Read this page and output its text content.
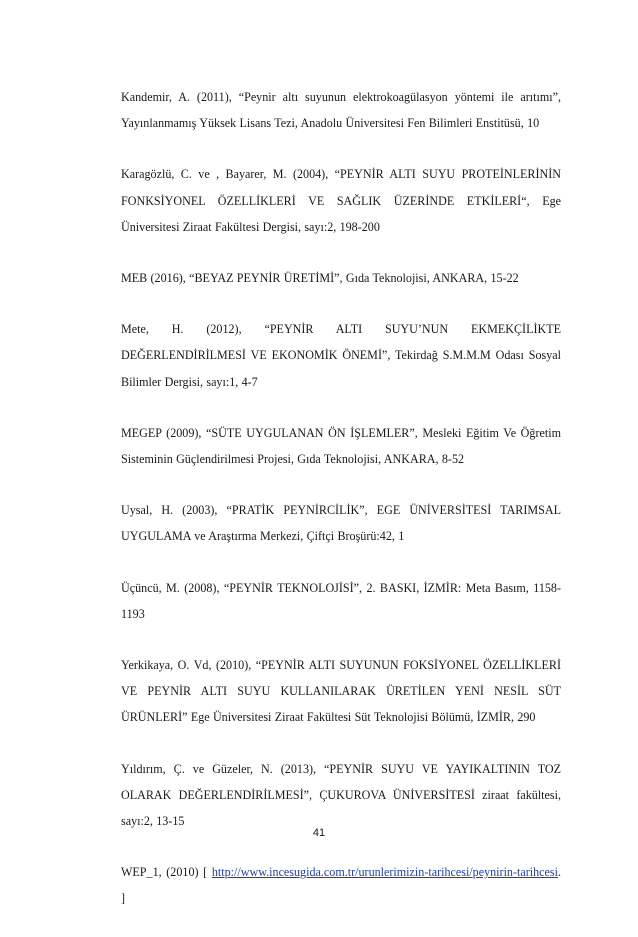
Kandemir, A. (2011), “Peynir altı suyunun elektrokoagülasyon yöntemi ile arıtımı”, Yayınlanmamış Yüksek Lisans Tezi, Anadolu Üniversitesi Fen Bilimleri Enstitüsü, 10

Karagözlü, C. ve , Bayarer, M. (2004), “PEYNİR ALTI SUYU PROTEİNLERİNİN FONKSİYONEL ÖZELLİKLERİ VE SAĞLIK ÜZERİNDE ETKİLERİ“, Ege Üniversitesi Ziraat Fakültesi Dergisi, sayı:2, 198-200

MEB (2016), “BEYAZ PEYNİR ÜRETİMİ”, Gıda Teknolojisi, ANKARA, 15-22

Mete, H. (2012), “PEYNİR ALTI SUYU’NUN EKMEKÇİLİKTE DEĞERLENDİRİLMESİ VE EKONOMİK ÖNEMİ”, Tekirdağ S.M.M.M Odası Sosyal Bilimler Dergisi, sayı:1, 4-7

MEGEP (2009), “SÜTE UYGULANAN ÖN İŞLEMLER”, Mesleki Eğitim Ve Öğretim Sisteminin Güçlendirilmesi Projesi, Gıda Teknolojisi, ANKARA, 8-52

Uysal, H. (2003), “PRATİK PEYNİRCİLİK”, EGE ÜNİVERSİTESİ TARIMSAL UYGULAMA ve Araştırma Merkezi, Çiftçi Broşürü:42, 1

Üçüncü, M. (2008), “PEYNİR TEKNOLOJİSİ”, 2. BASKI, İZMİR: Meta Basım, 1158-1193

Yerkikaya, O. Vd, (2010), “PEYNİR ALTI SUYUNUN FOKSİYONEL ÖZELLİKLERİ VE PEYNİR ALTI SUYU KULLANILARAK ÜRETİLEN YENİ NESİL SÜT ÜRÜNLERİ” Ege Üniversitesi Ziraat Fakültesi Süt Teknolojisi Bölümü, İZMİR, 290

Yıldırım, Ç. ve Güzeler, N. (2013), “PEYNİR SUYU VE YAYIKALTININ TOZ OLARAK DEĞERLENDİRİLMESİ”, ÇUKUROVA ÜNİVERSİTESİ ziraat fakültesi, sayı:2, 13-15

WEP_1, (2010) [ http://www.incesugida.com.tr/urunlerimizin-tarihcesi/peynirin-tarihcesi. ]

41
